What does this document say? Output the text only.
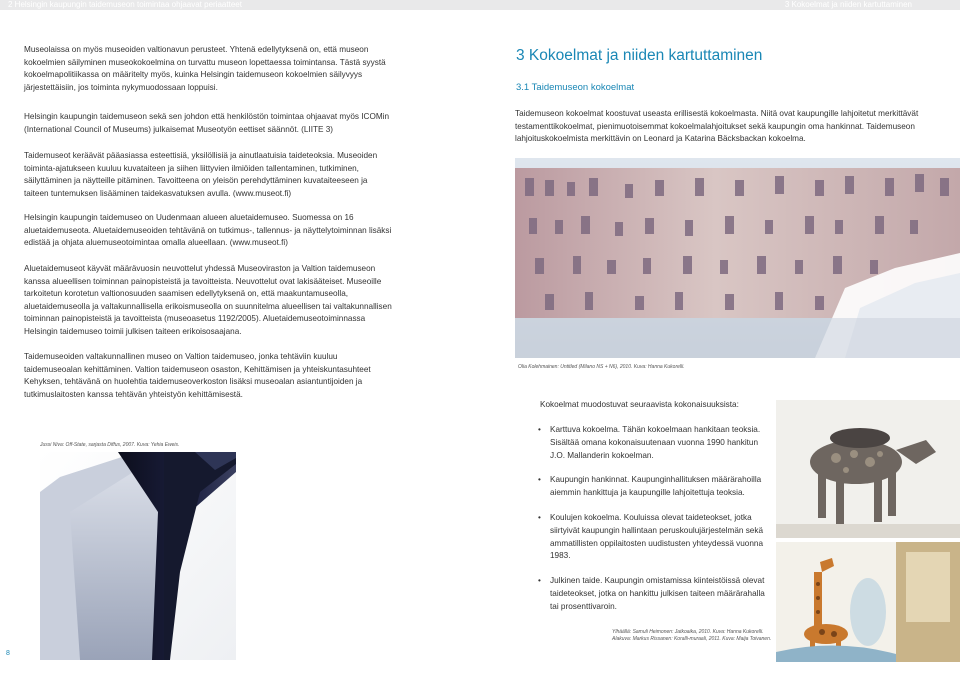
2 Helsingin kaupungin taidemuseon toimintaa ohjaavat periaatteet	3 Kokoelmat ja niiden kartuttaminen

Museolaissa on myös museoiden valtionavun perusteet. Yhtenä edellytyksenä on, että museon kokoelmien säilyminen museokokoelmina on turvattu museon lopettaessa toimintansa. Tästä syystä kokoelmapolitiikassa on määritelty myös, kuinka Helsingin taidemuseon kokoelmien säilyvyys järjestettäisiin, jos toiminta nykymuodossaan loppuisi.

Helsingin kaupungin taidemuseon sekä sen johdon että henkilöstön toimintaa ohjaavat myös ICOMin (International Council of Museums) julkaisemat Museotyön eettiset säännöt. (LIITE 3)

Taidemuseot keräävät pääasiassa esteettisiä, yksilöllisiä ja ainutlaatuisia taideteoksia. Museoiden toiminta-ajatukseen kuuluu kuvataiteen ja siihen liittyvien ilmiöiden tallentaminen, tutkiminen, säilyttäminen ja näytteille pitäminen. Tavoitteena on yleisön perehdyttäminen kuvataiteeseen ja taiteen tuntemuksen lisääminen taidekasvatuksen avulla. (www.museot.fi)

Helsingin kaupungin taidemuseo on Uudenmaan alueen aluetaidemuseo. Suomessa on 16 aluetaidemuseota. Aluetaidemuseoiden tehtävänä on tutkimus-, tallennus- ja näyttelytoiminnan lisäksi edistää ja ohjata aluemuseotoimintaa omalla alueellaan. (www.museot.fi)

Aluetaidemuseot käyvät määrävuosin neuvottelut yhdessä Museoviraston ja Valtion taidemuseon kanssa alueellisen toiminnan painopisteistä ja tavoitteista. Neuvottelut ovat lakisääteiset. Museoille tarkoitetun korotetun valtionosuuden saamisen edellytyksenä on, että maakuntamuseolla, aluetaidemuseolla ja valtakunnallisella erikoismuseolla on suunnitelma alueellisen tai valtakunnallisen toiminnan painopisteistä ja tavoitteista (museoasetus 1192/2005). Aluetaidemuseotoiminnassa Helsingin taidemuseo toimii julkisen taiteen erikoisosaajana.

Taidemuseoiden valtakunnallinen museo on Valtion taidemuseo, jonka tehtäviin kuuluu taidemuseoalan kehittäminen. Valtion taidemuseon osaston, Kehittämisen ja yhteiskuntasuhteet Kehyksen, tehtävänä on huolehtia taidemuseoverkoston lisäksi museoalan asiantuntijoiden ja tutkimuslaitosten kanssa tehtävän yhteistyön kehittämisestä.

Jussi Niva: Off-State, sarjasta Diffus, 2007. Kuva: Yehia Eweis.
3 Kokoelmat ja niiden kartuttaminen
3.1 Taidemuseon kokoelmat

Taidemuseon kokoelmat koostuvat useasta erillisestä kokoelmasta. Niitä ovat kaupungille lahjoitetut merkittävät testamenttikokoelmat, pienimuotoisemmat kokoelmalahjoitukset sekä kaupungin oma hankinnat. Taidemuseon lahjoituskokoelmista merkittävin on Leonard ja Katarina Bäcksbackan kokoelma.

Olia Kolehmainen: Untitled (Milano NS + N6), 2010. Kuva: Hanna Kukorelli.
Kokoelmat muodostuvat seuraavista kokonaisuuksista:
• Karttuva kokoelma. Tähän kokoelmaan hankitaan teoksia. Sisältää omana kokonaisuutenaan vuonna 1990 hankitun J.O. Mallanderin kokoelman.
• Kaupungin hankinnat. Kaupunginhallituksen määrärahoilla aiemmin hankittuja ja kaupungille lahjoitettuja teoksia.
• Koulujen kokoelma. Kouluissa olevat taideteokset, jotka siirtyivät kaupungin hallintaan peruskoulujärjestelmän sekä ammatillisten oppilaitosten uudistusten yhteydessä vuonna 1983.
• Julkinen taide. Kaupungin omistamissa kiinteistöissä olevat taideteokset, jotka on hankittu julkisen taiteen määrärahalla tai prosenttivaroin.
Ylhäällä: Samuli Heimonen: Jatkoaika, 2010. Kuva: Hanna Kukorelli.
Alakuva: Markus Rissanen: Koralli-muraali, 2011. Kuva: Maija Toivanen.
8
